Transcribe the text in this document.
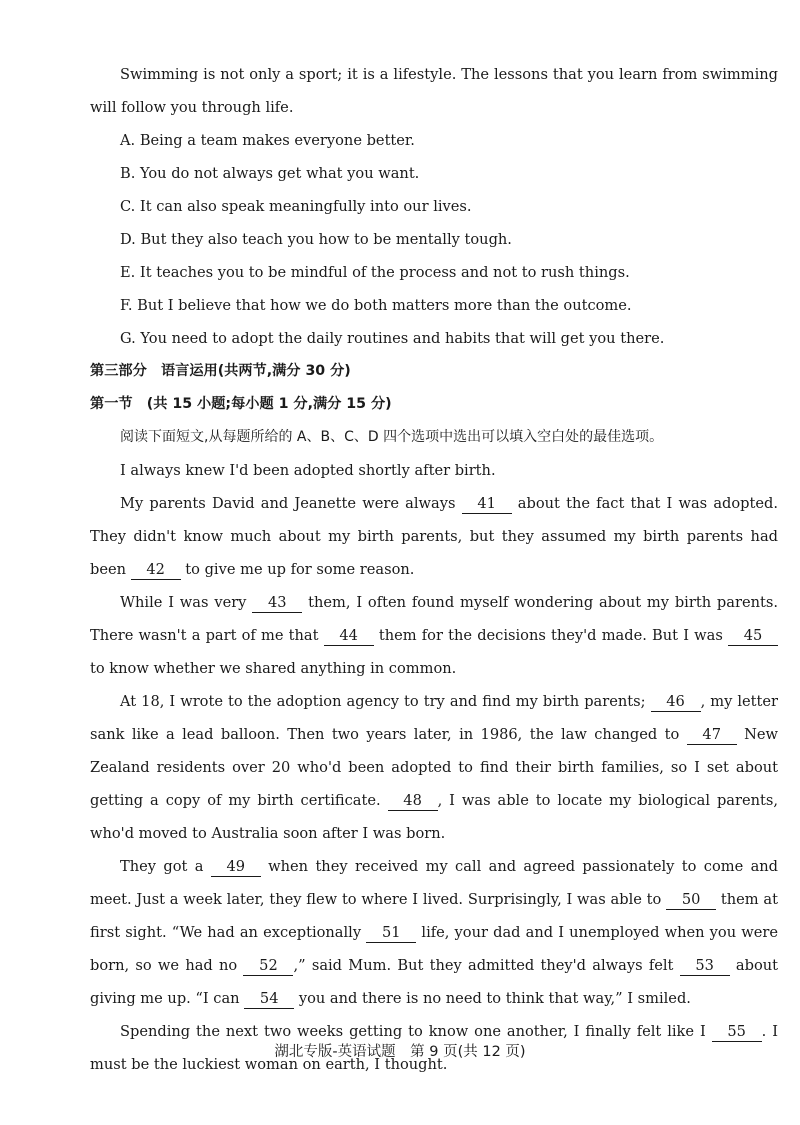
Swimming is not only a sport; it is a lifestyle. The lessons that you learn from swimming will follow you through life.

A. Being a team makes everyone better.
B. You do not always get what you want.
C. It can also speak meaningfully into our lives.
D. But they also teach you how to be mentally tough.
E. It teaches you to be mindful of the process and not to rush things.
F. But I believe that how we do both matters more than the outcome.
G. You need to adopt the daily routines and habits that will get you there.
第三部分　语言运用(共两节,满分 30 分)
第一节　(共 15 小题;每小题 1 分,满分 15 分)

阅读下面短文,从每题所给的 A、B、C、D 四个选项中选出可以填入空白处的最佳选项。

I always knew I'd been adopted shortly after birth.

My parents David and Jeanette were always 41 about the fact that I was adopted. They didn't know much about my birth parents, but they assumed my birth parents had been 42 to give me up for some reason.

While I was very 43 them, I often found myself wondering about my birth parents. There wasn't a part of me that 44 them for the decisions they'd made. But I was 45 to know whether we shared anything in common.

At 18, I wrote to the adoption agency to try and find my birth parents; 46 , my letter sank like a lead balloon. Then two years later, in 1986, the law changed to 47 New Zealand residents over 20 who'd been adopted to find their birth families, so I set about getting a copy of my birth certificate. 48 , I was able to locate my biological parents, who'd moved to Australia soon after I was born.

They got a 49 when they received my call and agreed passionately to come and meet. Just a week later, they flew to where I lived. Surprisingly, I was able to 50 them at first sight. “We had an exceptionally 51 life, your dad and I unemployed when you were born, so we had no 52 ,” said Mum. But they admitted they'd always felt 53 about giving me up. “I can 54 you and there is no need to think that way,” I smiled.

Spending the next two weeks getting to know one another, I finally felt like I 55 . I must be the luckiest woman on earth, I thought.

湖北专版-英语试题　第 9 页(共 12 页)
